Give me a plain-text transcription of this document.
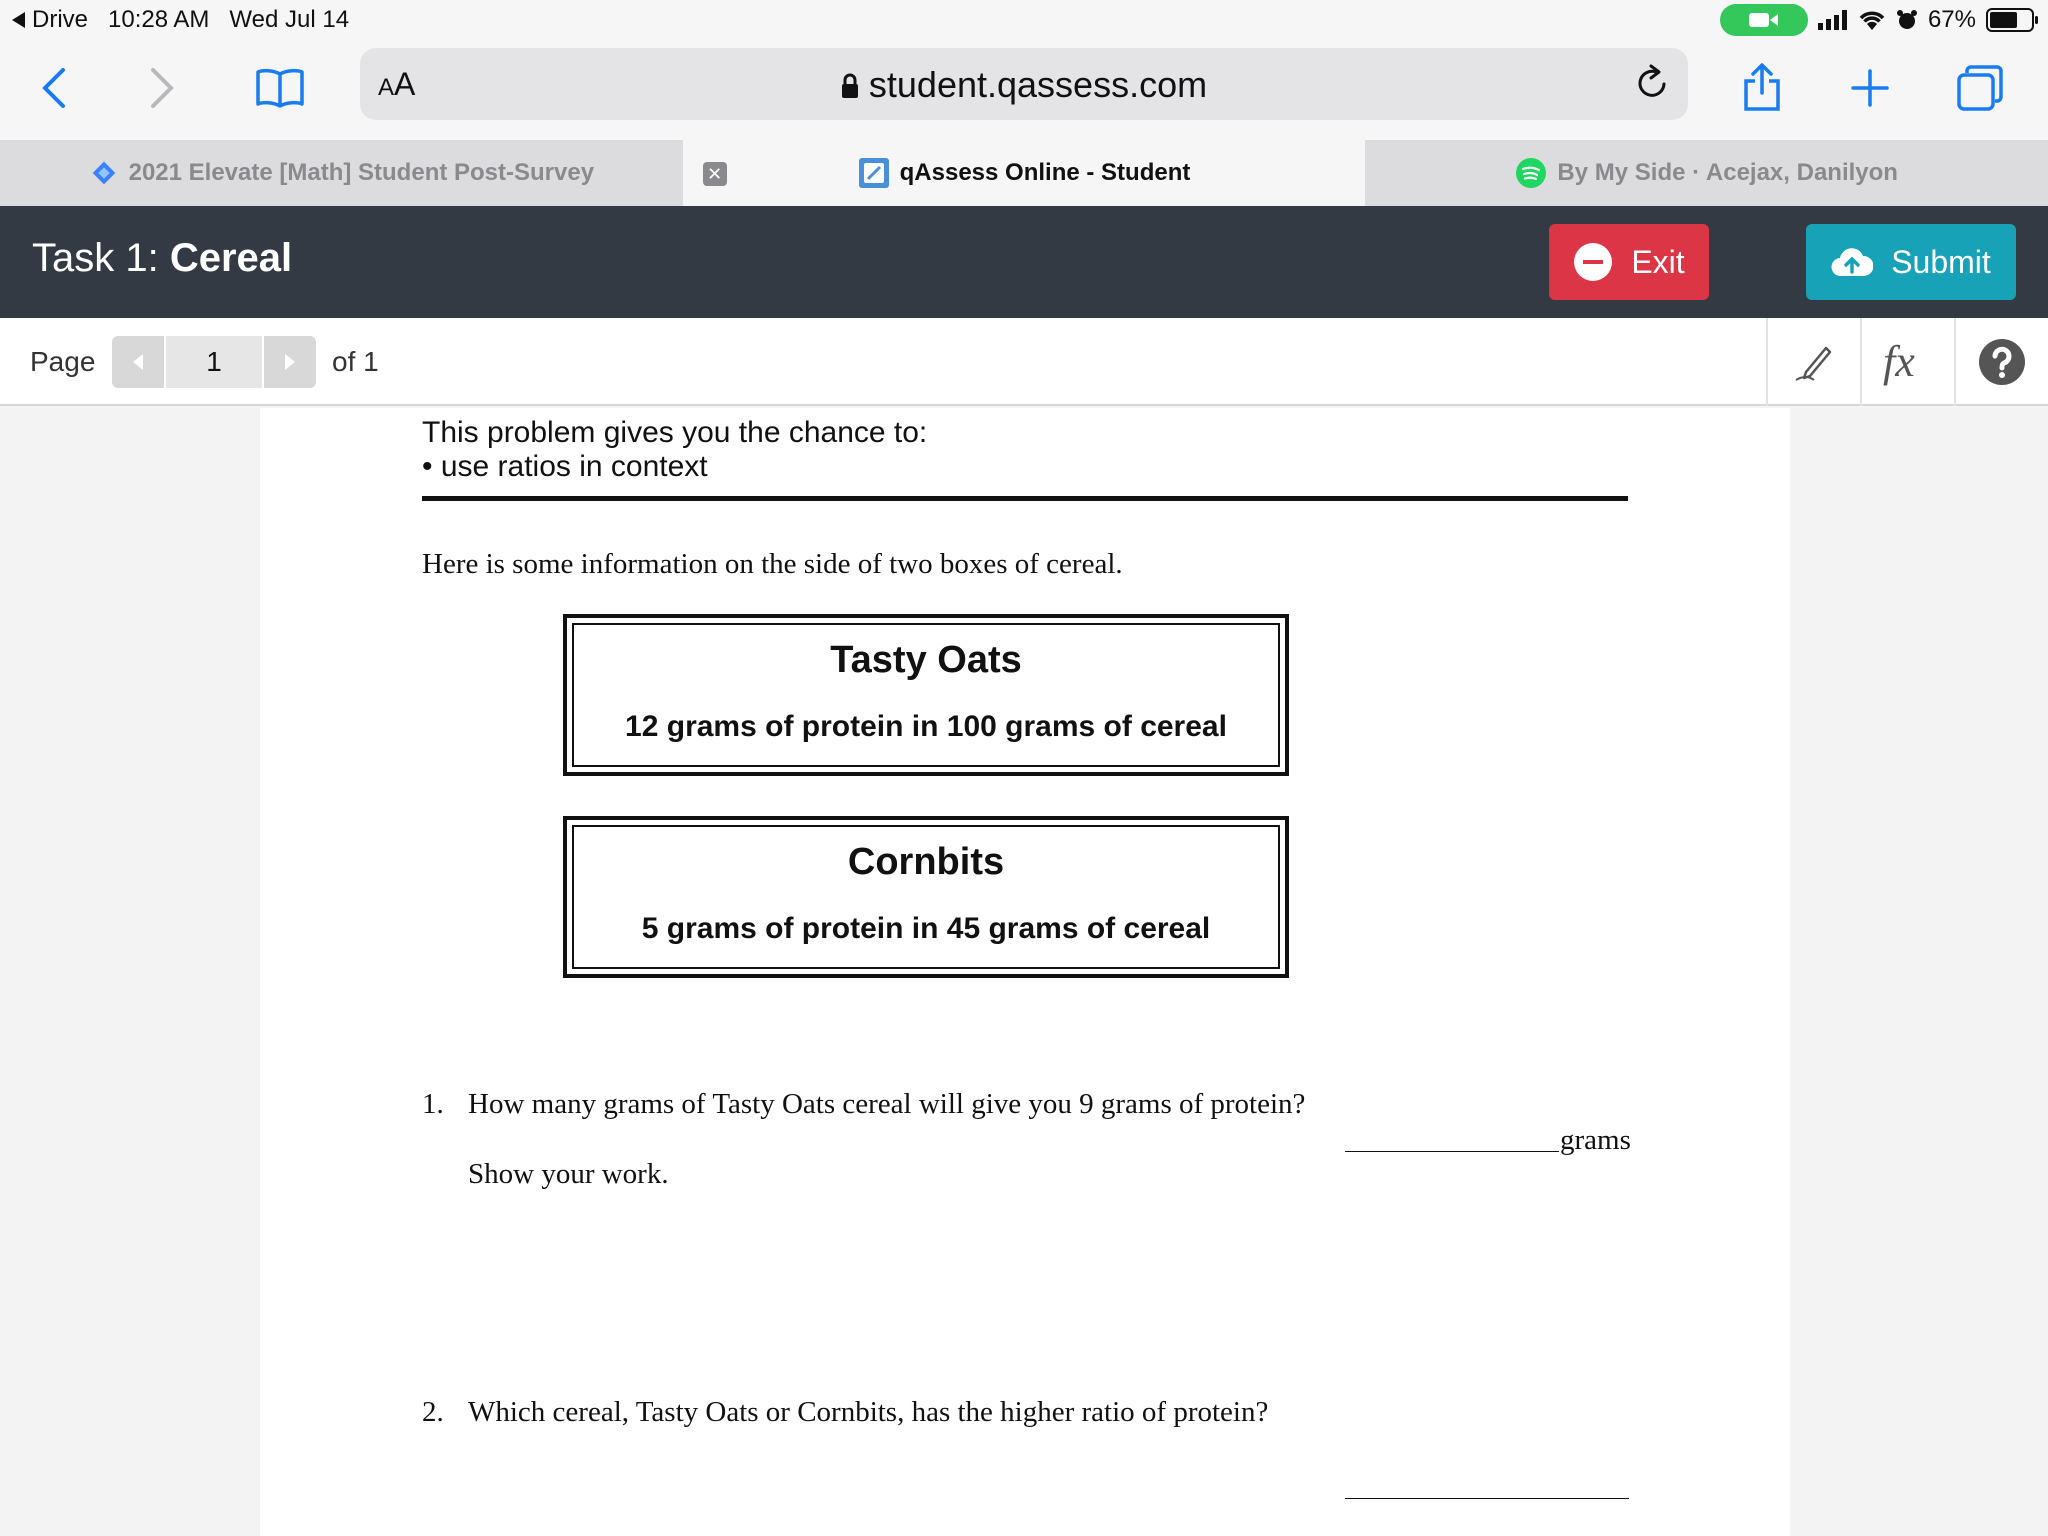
Drive 10:28 AM Wed Jul 14	67%
AA	student.qassess.com
2021 Elevate [Math] Student Post-Survey	✕	qAssess Online - Student	By My Side · Acejax, Danilyon
Task 1: Cereal	Exit	Submit
Page	1	of 1	fx
This problem gives you the chance to:
• use ratios in context
Here is some information on the side of two boxes of cereal.
Tasty Oats
12 grams of protein in 100 grams of cereal
Cornbits
5 grams of protein in 45 grams of cereal
1. How many grams of Tasty Oats cereal will give you 9 grams of protein?
grams
Show your work.
2. Which cereal, Tasty Oats or Cornbits, has the higher ratio of protein?
